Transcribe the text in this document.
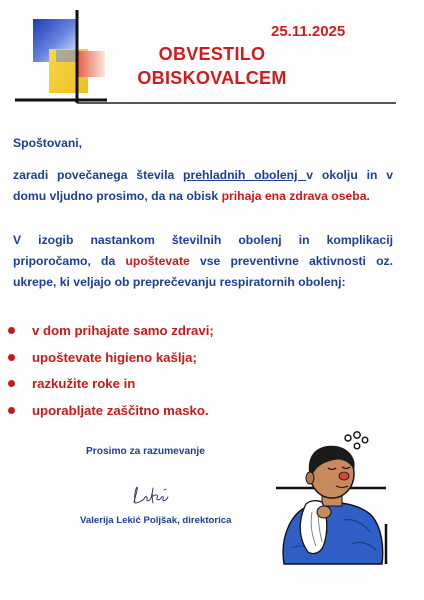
25.11.2025
OBVESTILO
OBISKOVALCEM
Spoštovani,
zaradi povečanega števila prehladnih obolenj v okolju in v
domu vljudno prosimo, da na obisk prihaja ena zdrava oseba.
V izogib nastankom številnih obolenj in komplikacij
priporočamo, da upoštevate vse preventivne aktivnosti oz.
ukrepe, ki veljajo ob preprečevanju respiratornih obolenj:
v dom prihajate samo zdravi;
upoštevate higieno kašlja;
razkužite roke in
uporabljate zaščitno masko.
Prosimo za razumevanje
Valerija Lekić Poljšak, direktorica
